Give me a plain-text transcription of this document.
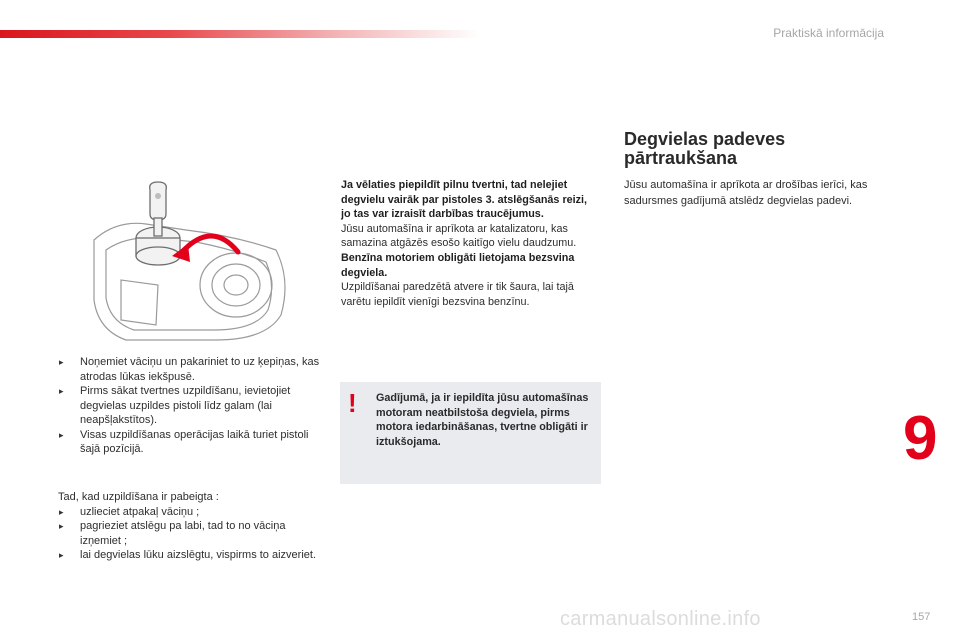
Praktiskā informācija

▸ Noņemiet vāciņu un pakariniet to uz ķepiņas, kas atrodas lūkas iekšpusē.

▸ Pirms sākat tvertnes uzpildīšanu, ievietojiet degvielas uzpildes pistoli līdz galam (lai neapšļakstītos).

▸ Visas uzpildīšanas operācijas laikā turiet pistoli šajā pozīcijā.

Tad, kad uzpildīšana ir pabeigta :

▸ uzlieciet atpakaļ vāciņu ;

▸ pagrieziet atslēgu pa labi, tad to no vāciņa izņemiet ;

▸ lai degvielas lūku aizslēgtu, vispirms to aizveriet.

Ja vēlaties piepildīt pilnu tvertni, tad nelejiet degvielu vairāk par pistoles 3. atslēgšanās reizi, jo tas var izraisīt darbības traucējumus.

Jūsu automašīna ir aprīkota ar katalizatoru, kas samazina atgāzēs esošo kaitīgo vielu daudzumu.

Benzīna motoriem obligāti lietojama bezsvina degviela.

Uzpildīšanai paredzētā atvere ir tik šaura, lai tajā varētu iepildīt vienīgi bezsvina benzīnu.

! Gadījumā, ja ir iepildīta jūsu automašīnas motoram neatbilstoša degviela, pirms motora iedarbināšanas, tvertne obligāti ir iztukšojama.
Degvielas padeves pārtraukšana
Jūsu automašīna ir aprīkota ar drošības ierīci, kas sadursmes gadījumā atslēdz degvielas padevi.
9
carmanualsonline.info	157
